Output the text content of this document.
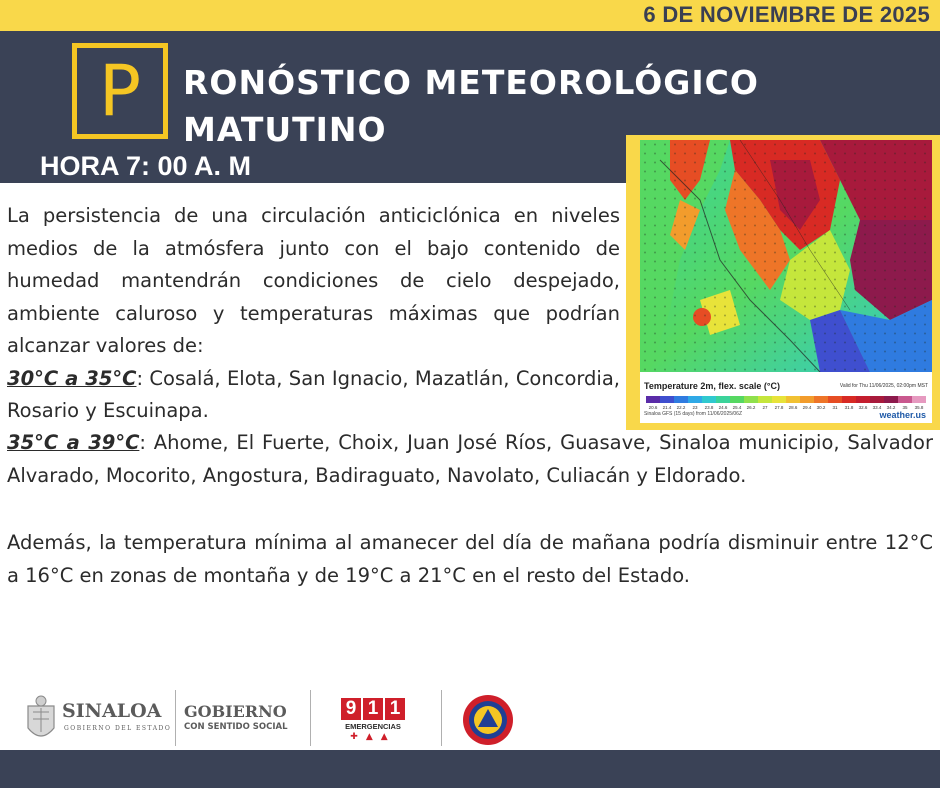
6 DE NOVIEMBRE DE 2025
P	RONÓSTICO METEOROLÓGICO
MATUTINO
HORA 7: 00 A. M
20.6 21.4 22.2 23 23.8 24.6 25.4 26.2 27 27.8 28.6 29.4 30.2 31 31.8 32.6 33.4 34.2 35 35.8
Temperature 2m, flex. scale (°C)	Valid for Thu 11/06/2025, 02:00pm MST
Sinaloa GFS (15 days) from 11/06/2025/06Z	weather.us

La persistencia de una circulación anticiclónica en niveles medios de la atmósfera junto con el bajo contenido de humedad mantendrán condiciones de cielo despejado, ambiente caluroso y temperaturas máximas que podrían alcanzar valores de:
30°C a 35°C: Cosalá, Elota, San Ignacio, Mazatlán, Concordia, Rosario y Escuinapa.

35°C a 39°C: Ahome, El Fuerte, Choix, Juan José Ríos, Guasave, Sinaloa municipio, Salvador Alvarado, Mocorito, Angostura, Badiraguato, Navolato, Culiacán y Eldorado.

Además, la temperatura mínima al amanecer del día de mañana podría disminuir entre 12°C a 16°C en zonas de montaña y de 19°C a 21°C en el resto del Estado.

SINALOA
GOBIERNO DEL ESTADO
GOBIERNO
CON SENTIDO SOCIAL
9 1 1
EMERGENCIAS
✚▲▲
